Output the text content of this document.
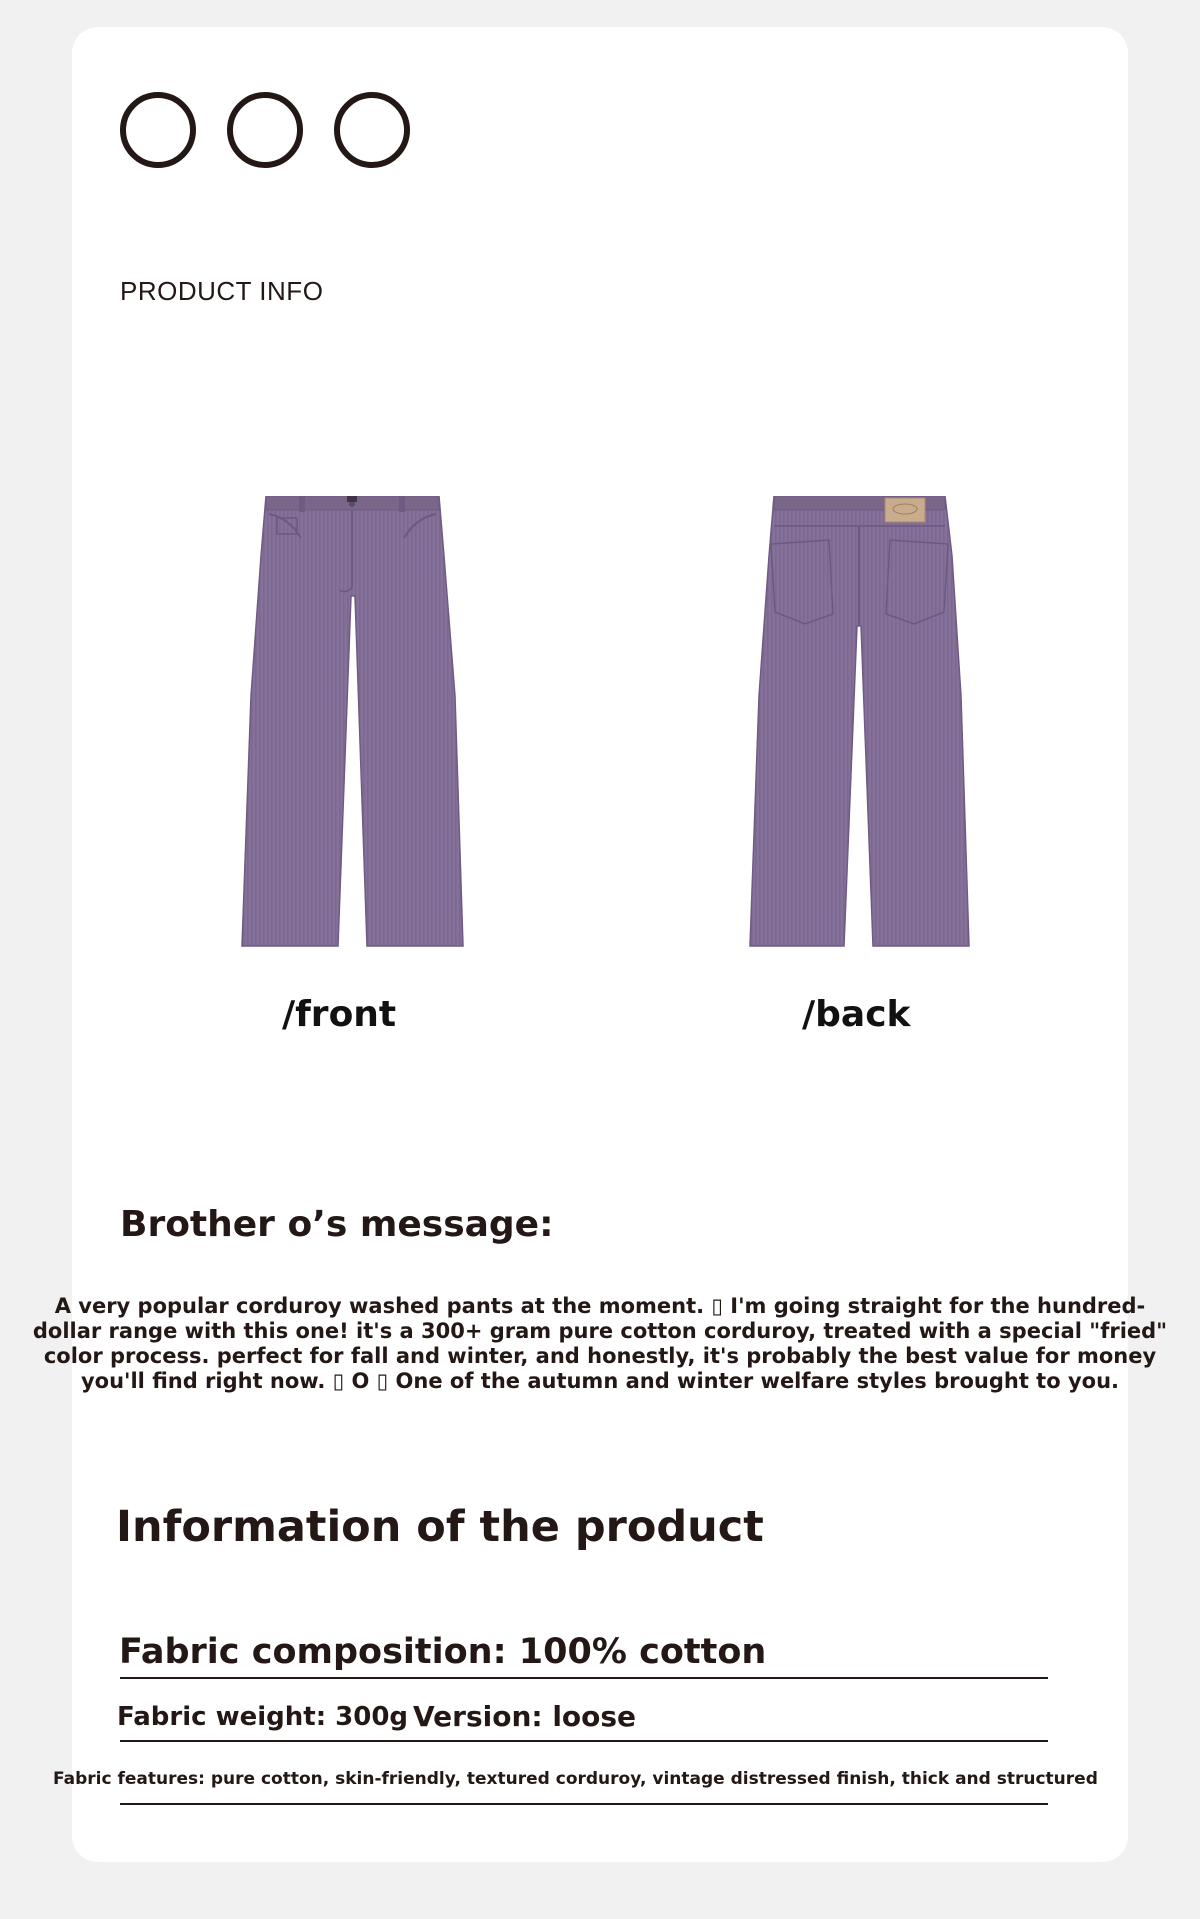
PRODUCT INFO
/front	/back
Brother o’s message:
A very popular corduroy washed pants at the moment. ▯ I'm going straight for the hundred-dollar range with this one! it's a 300+ gram pure cotton corduroy, treated with a special "fried" color process. perfect for fall and winter, and honestly, it's probably the best value for money you'll find right now. ▯ O ▯ One of the autumn and winter welfare styles brought to you.
Information of the product
Fabric composition: 100% cotton
Fabric weight: 300g Version: loose
Fabric features: pure cotton, skin-friendly, textured corduroy, vintage distressed finish, thick and structured
